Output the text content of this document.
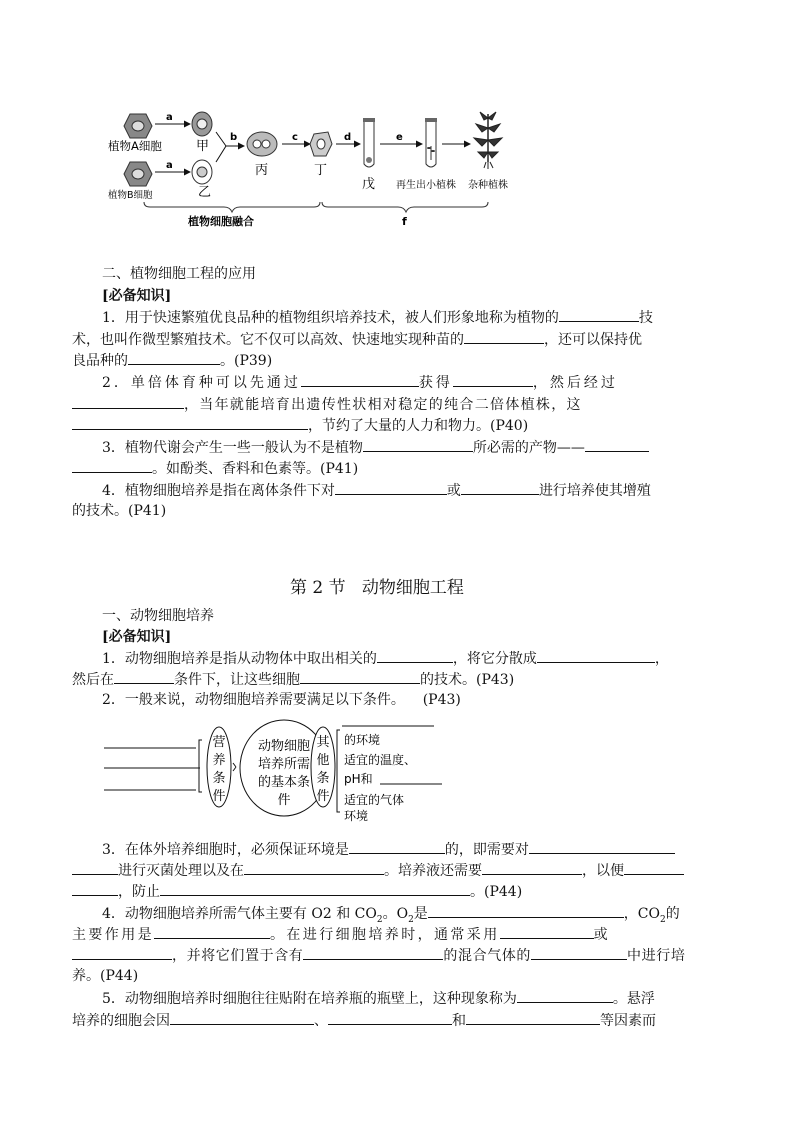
植物A细胞
植物B细胞
a
a
甲
乙
b
丙
c
丁
d
戊
e
再生出小植株 杂种植株
植物细胞融合	f
二、植物细胞工程的应用
[必备知识]
1．用于快速繁殖优良品种的植物组织培养技术，被人们形象地称为植物的	技
术，也叫作微型繁殖技术。它不仅可以高效、快速地实现种苗的	，还可以保持优
良品种的	。(P39)
2．单倍体育种可以先通过	获得	，然后经过
，当年就能培育出遗传性状相对稳定的纯合二倍体植株，这
，节约了大量的人力和物力。(P40)
3．植物代谢会产生一些一般认为不是植物	所必需的产物——
。如酚类、香料和色素等。(P41)
4．植物细胞培养是指在离体条件下对	或	进行培养使其增殖
的技术。(P41)
第 2 节 动物细胞工程
一、动物细胞培养
[必备知识]
1．动物细胞培养是指从动物体中取出相关的	，将它分散成	，
然后在	条件下，让这些细胞	的技术。(P43)
2．一般来说，动物细胞培养需要满足以下条件。 (P43)
营养条件
动物细胞培养所需的基本条件
其他条件
的环境
适宜的温度、
pH和
适宜的气体
环境
3．在体外培养细胞时，必须保证环境是	的，即需要对
进行灭菌处理以及在	。培养液还需要	，以便
，防止	。(P44)
4．动物细胞培养所需气体主要有 O2 和 $CO_2$。$O_2$是	，$CO_2$的
主要作用是	。在进行细胞培养时，通常采用	或
，并将它们置于含有	的混合气体的	中进行培
养。(P44)
5．动物细胞培养时细胞往往贴附在培养瓶的瓶壁上，这种现象称为	。悬浮
培养的细胞会因	、	和	等因素而
